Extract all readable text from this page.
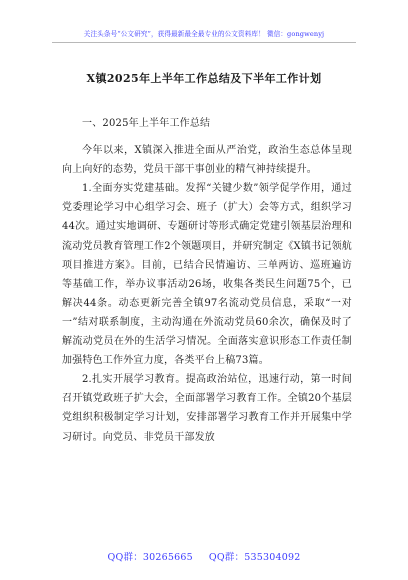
关注头条号“公文研究”，获得最新最全最专业的公文资料库！ 微信：gongwenyj
X镇2025年上半年工作总结及下半年工作计划

一、2025年上半年工作总结

今年以来，X镇深入推进全面从严治党，政治生态总体呈现向上向好的态势，党员干部干事创业的精气神持续提升。

1.全面夯实党建基础。发挥“关键少数”领学促学作用，通过党委理论学习中心组学习会、班子（扩大）会等方式，组织学习44次。通过实地调研、专题研讨等形式确定党建引领基层治理和流动党员教育管理工作2个领题项目，并研究制定《X镇书记领航项目推进方案》。目前，已结合民情遍访、三单两访、巡班遍访等基础工作，举办议事活动26场，收集各类民生问题75个，已解决44条。动态更新完善全镇97名流动党员信息，采取“一对一”结对联系制度，主动沟通在外流动党员60余次，确保及时了解流动党员在外的生活学习情况。全面落实意识形态工作责任制加强特色工作外宣力度，各类平台上稿73篇。

2.扎实开展学习教育。提高政治站位，迅速行动，第一时间召开镇党政班子扩大会，全面部署学习教育工作。全镇20个基层党组织积极制定学习计划，安排部署学习教育工作并开展集中学习研讨。向党员、非党员干部发放

QQ群：30265665 QQ群：535304092
